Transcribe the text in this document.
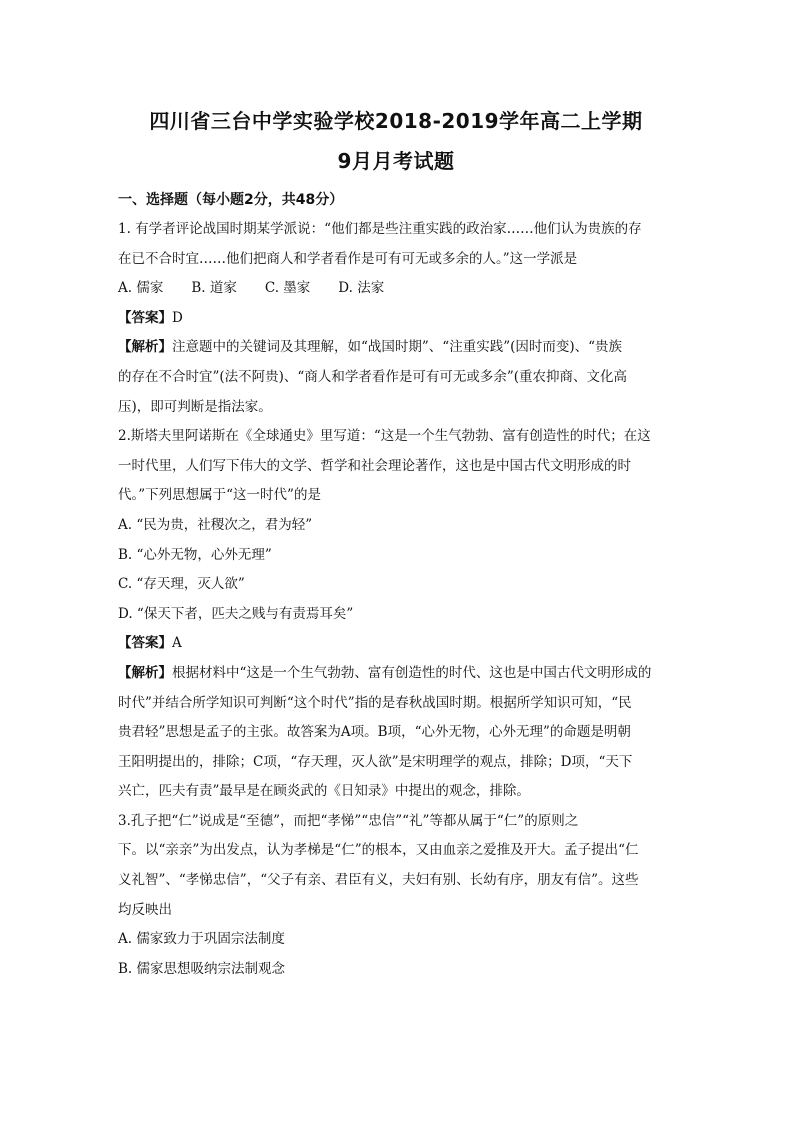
四川省三台中学实验学校2018-2019学年高二上学期
9月月考试题
一、选择题（每小题2分，共48分）
1. 有学者评论战国时期某学派说：“他们都是些注重实践的政治家……他们认为贵族的存
在已不合时宜……他们把商人和学者看作是可有可无或多余的人。”这一学派是
A. 儒家 B. 道家 C. 墨家 D. 法家
【答案】D
【解析】注意题中的关键词及其理解，如“战国时期”、“注重实践”(因时而变)、“贵族
的存在不合时宜”(法不阿贵)、“商人和学者看作是可有可无或多余”(重农抑商、文化高
压)，即可判断是指法家。
2.斯塔夫里阿诺斯在《全球通史》里写道：“这是一个生气勃勃、富有创造性的时代；在这
一时代里，人们写下伟大的文学、哲学和社会理论著作，这也是中国古代文明形成的时
代。”下列思想属于“这一时代”的是
A. “民为贵，社稷次之，君为轻”
B. “心外无物，心外无理”
C. “存天理，灭人欲”
D. “保天下者，匹夫之贱与有责焉耳矣”
【答案】A
【解析】根据材料中“这是一个生气勃勃、富有创造性的时代、这也是中国古代文明形成的
时代”并结合所学知识可判断“这个时代”指的是春秋战国时期。根据所学知识可知，“民
贵君轻”思想是孟子的主张。故答案为A项。B项，“心外无物，心外无理”的命题是明朝
王阳明提出的，排除；C项，“存天理，灭人欲”是宋明理学的观点，排除；D项，“天下
兴亡，匹夫有责”最早是在顾炎武的《日知录》中提出的观念，排除。
3.孔子把“仁”说成是“至德”，而把“孝悌”“忠信”“礼”等都从属于“仁”的原则之
下。以“亲亲”为出发点，认为孝梯是“仁”的根本，又由血亲之爱推及开大。孟子提出“仁
义礼智”、“孝悌忠信”，“父子有亲、君臣有义，夫妇有别、长幼有序，朋友有信”。这些
均反映出
A. 儒家致力于巩固宗法制度
B. 儒家思想吸纳宗法制观念
